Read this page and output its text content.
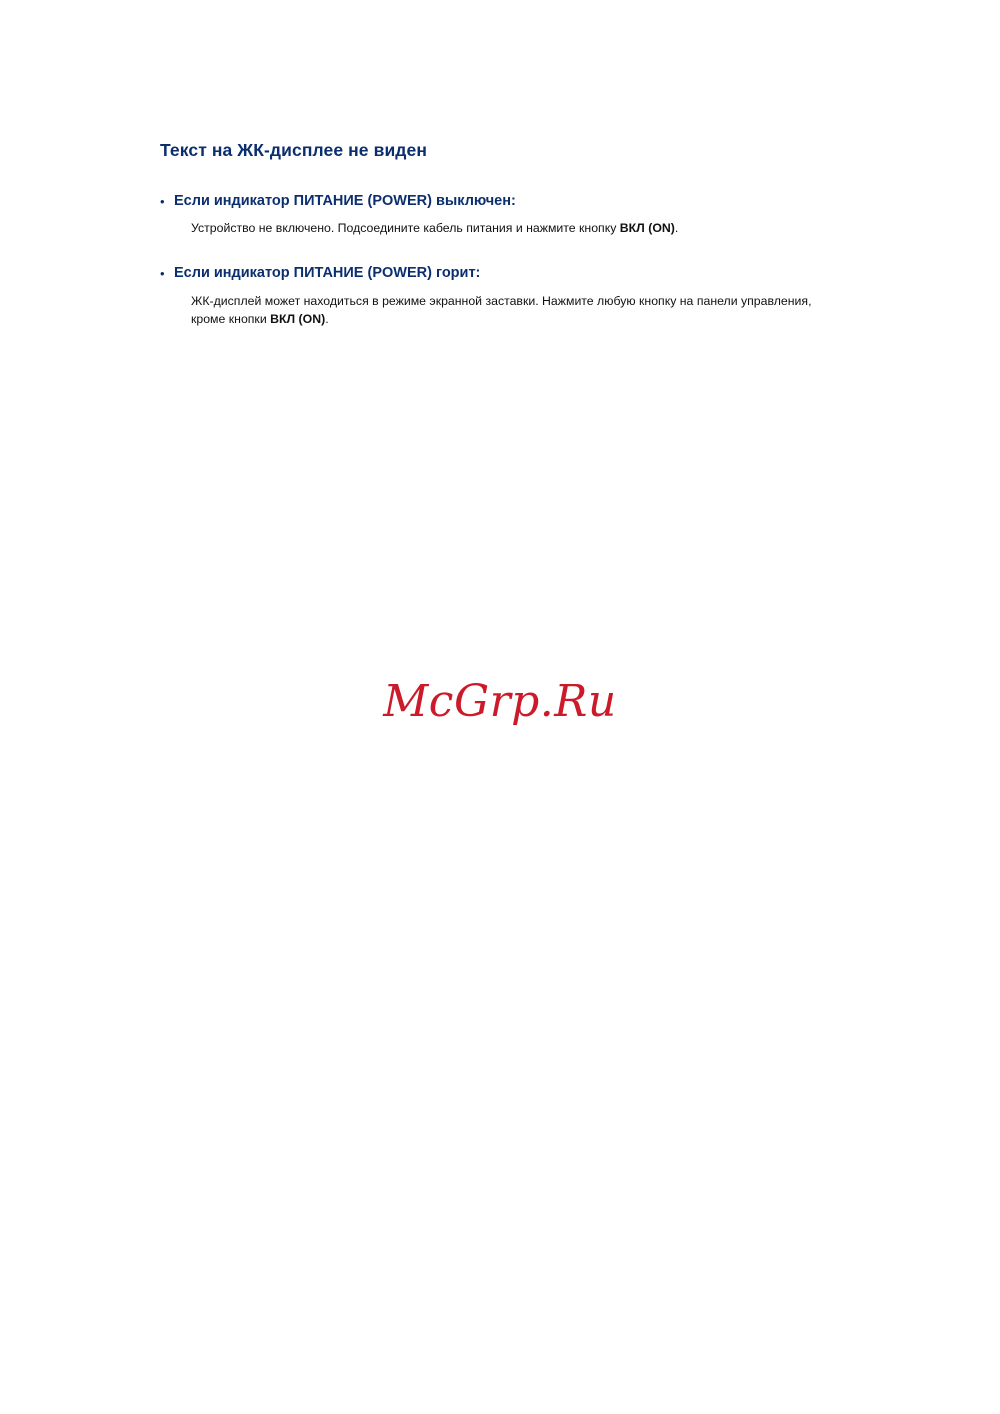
Текст на ЖК-дисплее не виден
• Если индикатор ПИТАНИЕ (POWER) выключен:

Устройство не включено. Подсоедините кабель питания и нажмите кнопку ВКЛ (ON).

• Если индикатор ПИТАНИЕ (POWER) горит:

ЖК-дисплей может находиться в режиме экранной заставки. Нажмите любую кнопку на панели управления, кроме кнопки ВКЛ (ON).

McGrp.Ru
